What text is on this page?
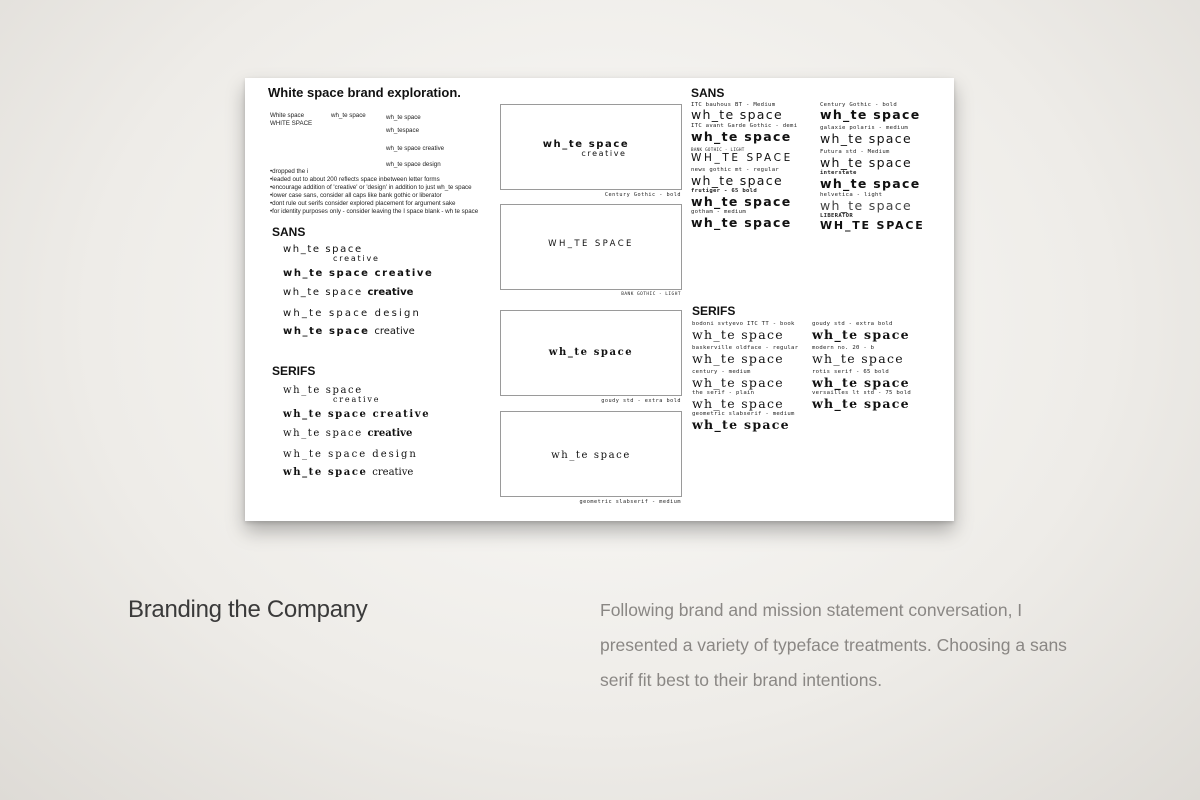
White space brand exploration.
White space
WHITE SPACE
wh_te space	wh_te space
wh_tespace
wh_te space creative
wh_te space design
•dropped the i
•leaded out to about 200 reflects space inbetween letter forms
•encourage addition of 'creative' or 'design' in addition to just wh_te space
•lower case sans, consider all caps like bank gothic or liberator
•dont rule out serifs consider explored placement for argument sake
•for identity purposes only - consider leaving the I space blank - wh te space
SANS
wh_te space
creative
wh_te space creative
wh_te space creative
wh_te space design
wh_te space creative
SERIFS
wh_te space
creative
wh_te space creative
wh_te space creative
wh_te space design
wh_te space creative
wh_te space
creative
Century Gothic - bold
WH_TE SPACE
BANK GOTHIC - LIGHT
wh_te space
goudy std - extra bold
wh_te space
geometric slabserif - medium
SANS
ITC bauhous BT - Medium
wh_te space
ITC avant Garde Gothic - demi
wh_te space
BANK GOTHIC - LIGHT
WH_TE SPACE
news gothic mt - regular
wh_te space
frutiger - 65 bold
wh_te space
gotham - medium
wh_te space
Century Gothic - bold
wh_te space
galaxie polaris - medium
wh_te space
Futura std - Medium
wh_te space
interstate
wh_te space
helvetica - light
wh_te space
LIBERATOR
WH_TE SPACE
SERIFS
bodoni svtyevo ITC TT - book
wh_te space
baskerville oldface - regular
wh_te space
century - medium
wh_te space
the serif - plain
wh_te space
geometric slabserif - medium
wh_te space
goudy std - extra bold
wh_te space
modern no. 20 - b
wh_te space
rotis serif - 65 bold
wh_te space
versailles lt std - 75 bold
wh_te space
Branding the Company	Following brand and mission statement conversation, I presented a variety of typeface treatments. Choosing a sans serif fit best to their brand intentions.
